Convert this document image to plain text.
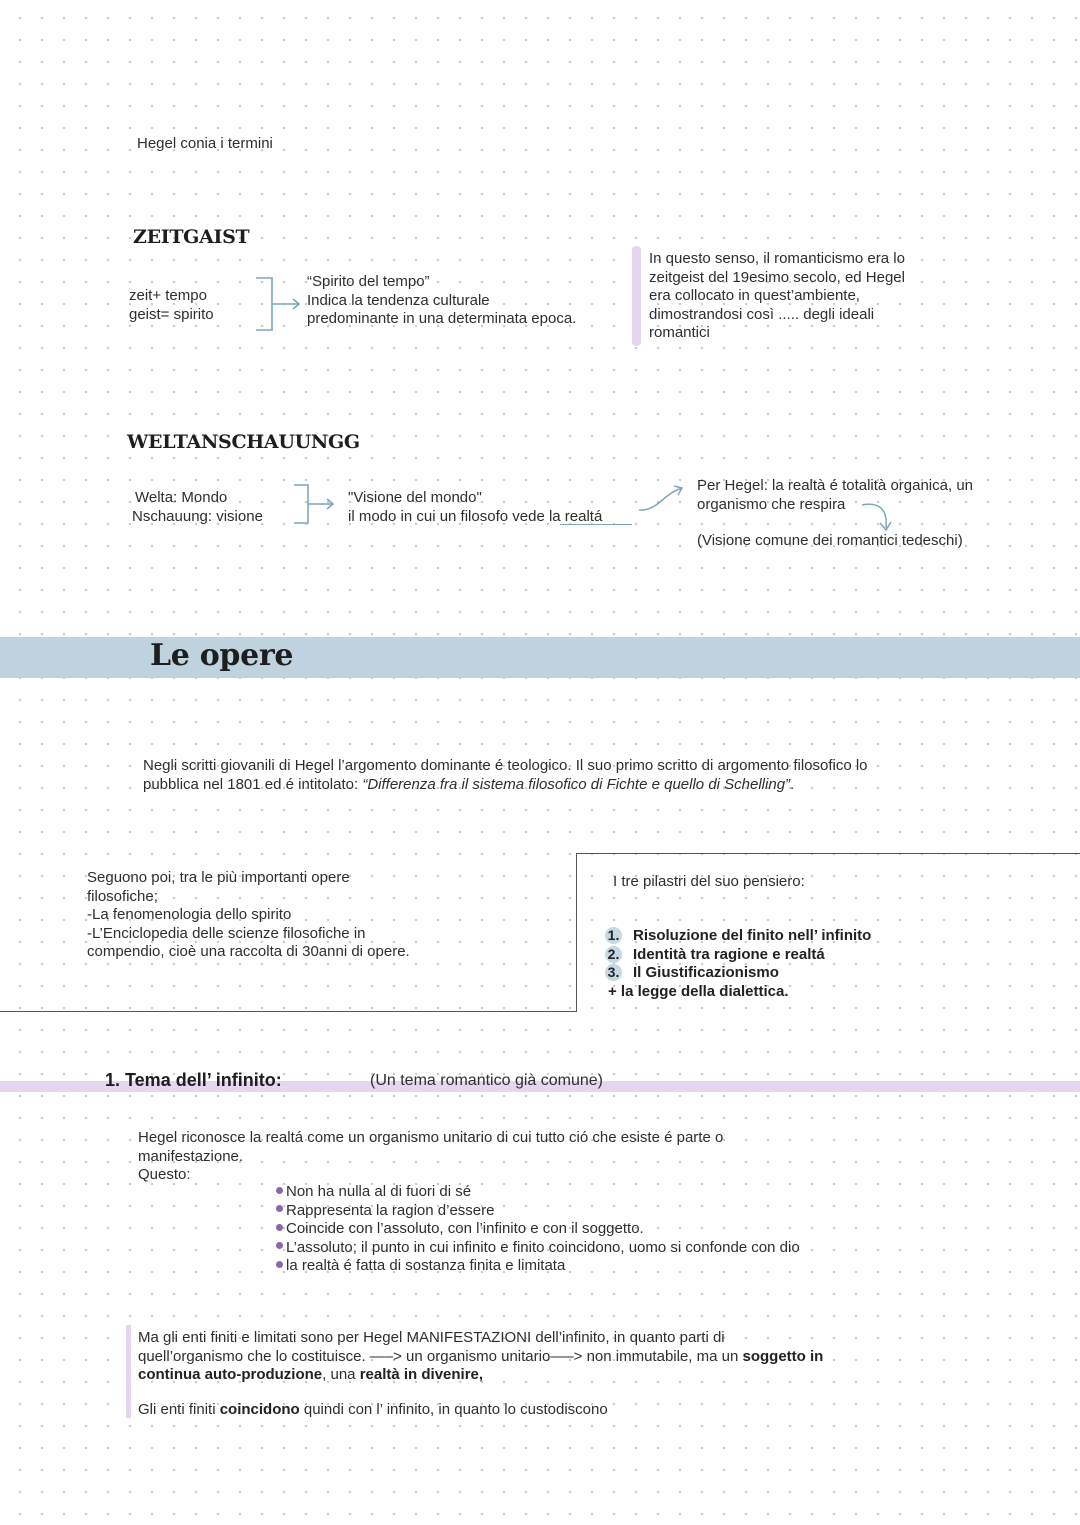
Hegel conia i termini
ZEITGAIST
zeit+ tempo
geist= spirito
“Spirito del tempo”
Indica la tendenza culturale
predominante in una determinata epoca.
In questo senso, il romanticismo era lo
zeitgeist del 19esimo secolo, ed Hegel
era collocato in quest’ambiente,
dimostrandosi così ..... degli ideali
romantici
WELTANSCHAUUNGG
Welta: Mondo
Nschauung: visione
"Visione del mondo"
il modo in cui un filosofo vede la realtá
Per Hegel: la realtà é totalità organica, un
organismo che respira
(Visione comune dei romantici tedeschi)
Le opere
Negli scritti giovanili di Hegel l’argomento dominante é teologico. Il suo primo scritto di argomento filosofico lo
pubblica nel 1801 ed é intitolato: “Differenza fra il sistema filosofico di Fichte e quello di Schelling”.
Seguono poi, tra le più importanti opere
filosofiche;
-La fenomenologia dello spirito
-L’Enciclopedia delle scienze filosofiche in
compendio, cioè una raccolta di 30anni di opere.
I tre pilastri del suo pensiero:
1. Risoluzione del finito nell’ infinito
2. Identità tra ragione e realtá
3. Il Giustificazionismo
+ la legge della dialettica.
1. Tema dell’ infinito:	(Un tema romantico già comune)
Hegel riconosce la realtá come un organismo unitario di cui tutto ció che esiste é parte o
manifestazione.
Questo:
Non ha nulla al di fuori di sé
Rappresenta la ragion d’essere
Coincide con l’assoluto, con l’infinito e con il soggetto.
L’assoluto; il punto in cui infinito e finito coincidono, uomo si confonde con dio
la realtà é fatta di sostanza finita e limitata
Ma gli enti finiti e limitati sono per Hegel MANIFESTAZIONI dell’infinito, in quanto parti di
quell’organismo che lo costituisce. —–> un organismo unitario—–> non immutabile, ma un soggetto in
continua auto-produzione, una realtà in divenire,
Gli enti finiti coincidono quindi con l’ infinito, in quanto lo custodiscono
